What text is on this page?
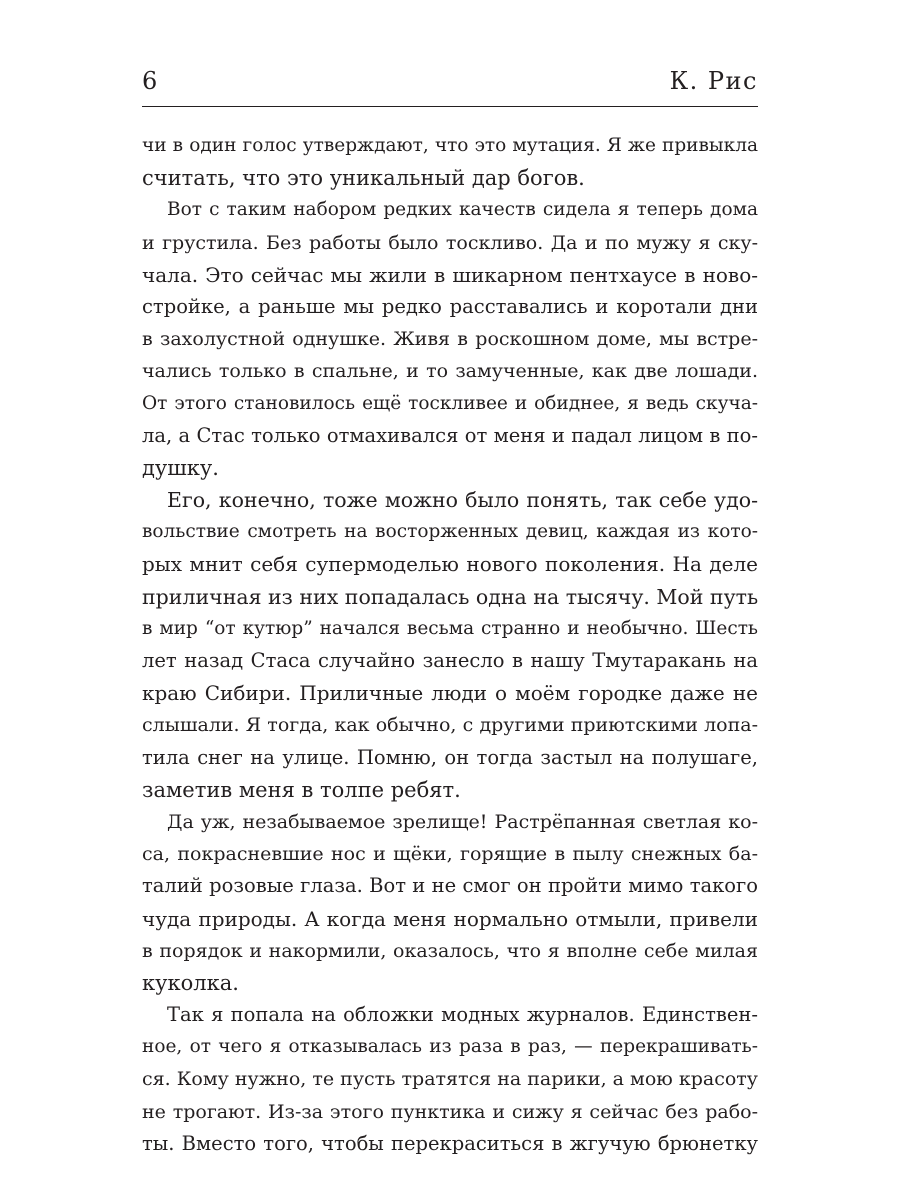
6	К. Рис
чи в один голос утверждают, что это мутация. Я же привыкла
считать, что это уникальный дар богов.
Вот с таким набором редких качеств сидела я теперь дома
и грустила. Без работы было тоскливо. Да и по мужу я ску-
чала. Это сейчас мы жили в шикарном пентхаусе в ново-
стройке, а раньше мы редко расставались и коротали дни
в захолустной однушке. Живя в роскошном доме, мы встре-
чались только в спальне, и то замученные, как две лошади.
От этого становилось ещё тоскливее и обиднее, я ведь скуча-
ла, а Стас только отмахивался от меня и падал лицом в по-
душку.
Его, конечно, тоже можно было понять, так себе удо-
вольствие смотреть на восторженных девиц, каждая из кото-
рых мнит себя супермоделью нового поколения. На деле
приличная из них попадалась одна на тысячу. Мой путь
в мир “от кутюр” начался весьма странно и необычно. Шесть
лет назад Стаса случайно занесло в нашу Тмутаракань на
краю Сибири. Приличные люди о моём городке даже не
слышали. Я тогда, как обычно, с другими приютскими лопа-
тила снег на улице. Помню, он тогда застыл на полушаге,
заметив меня в толпе ребят.
Да уж, незабываемое зрелище! Растрёпанная светлая ко-
са, покрасневшие нос и щёки, горящие в пылу снежных ба-
талий розовые глаза. Вот и не смог он пройти мимо такого
чуда природы. А когда меня нормально отмыли, привели
в порядок и накормили, оказалось, что я вполне себе милая
куколка.
Так я попала на обложки модных журналов. Единствен-
ное, от чего я отказывалась из раза в раз, — перекрашивать-
ся. Кому нужно, те пусть тратятся на парики, а мою красоту
не трогают. Из-за этого пунктика и сижу я сейчас без рабо-
ты. Вместо того, чтобы перекраситься в жгучую брюнетку
